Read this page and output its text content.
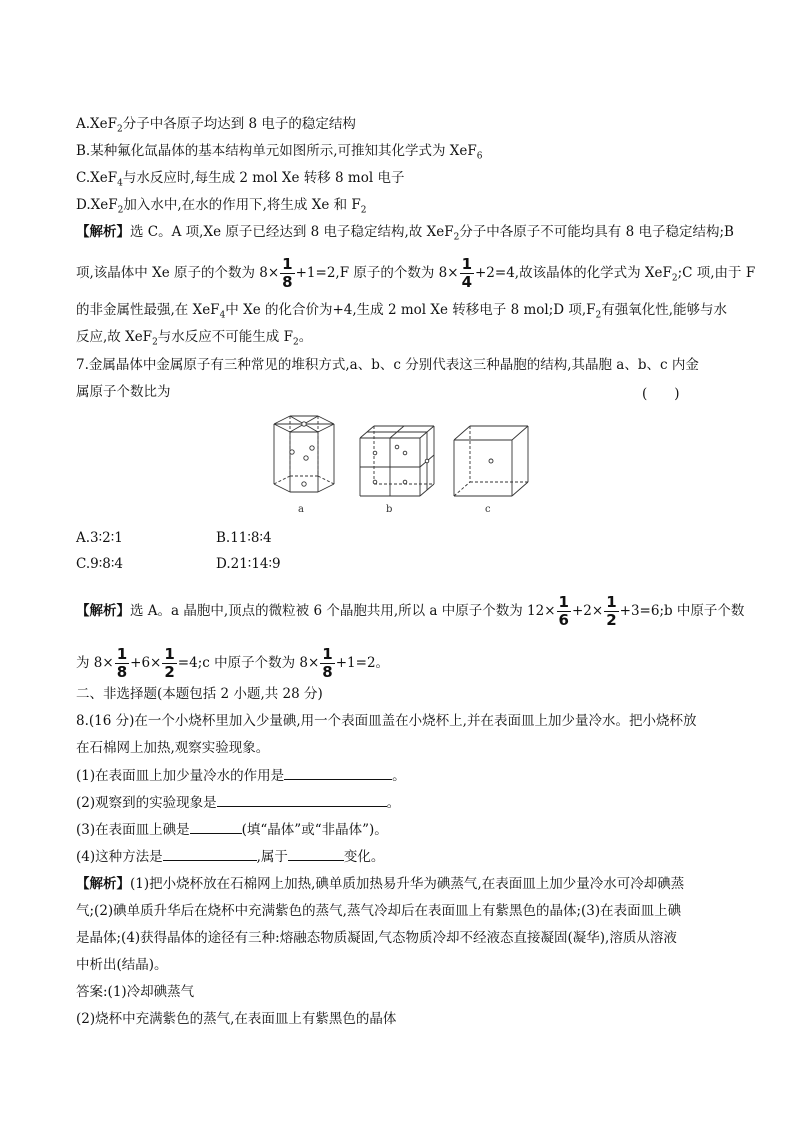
A.XeF$_2$分子中各原子均达到 8 电子的稳定结构
B.某种氟化氙晶体的基本结构单元如图所示,可推知其化学式为 XeF$_6$
C.XeF$_4$与水反应时,每生成 2 mol Xe 转移 8 mol 电子
D.XeF$_2$加入水中,在水的作用下,将生成 Xe 和 $F_2$
【解析】选 C。A 项,Xe 原子已经达到 8 电子稳定结构,故 XeF$_2$分子中各原子不可能均具有 8 电子稳定结构;B
项,该晶体中 Xe 原子的个数为 $8\times \frac{1}{8} +1=2,F$ 原子的个数为 $8\times \frac{1}{4} +2=4$,故该晶体的化学式为 XeF$_2$;C 项,由于 F
的非金属性最强,在 XeF$_4$中 Xe 的化合价为+4,生成 2 mol Xe 转移电子 8 mol;D 项$,F_2$有强氧化性,能够与水
反应,故 XeF$_2$与水反应不可能生成 $F_2$。
7.金属晶体中金属原子有三种常见的堆积方式,a、b、c 分别代表这三种晶胞的结构,其晶胞 a、b、c 内金
属原子个数比为	(　　)
a	b	c
A.3∶2∶1	B.11∶8∶4
C.9∶8∶4	D.21∶14∶9
【解析】选 A。a 晶胞中,顶点的微粒被 6 个晶胞共用,所以 a 中原子个数为 $12\times \frac{1}{6} +2\times \frac{1}{2}$ +3=6;b 中原子个数
为 $8\times \frac{1}{8} +6\times \frac{1}{2}$ =4;c 中原子个数为 $8\times \frac{1}{8} +1=2$。
二、非选择题(本题包括 2 小题,共 28 分)
8.(16 分)在一个小烧杯里加入少量碘,用一个表面皿盖在小烧杯上,并在表面皿上加少量冷水。把小烧杯放
在石棉网上加热,观察实验现象。
(1)在表面皿上加少量冷水的作用是	。
(2)观察到的实验现象是	。
(3)在表面皿上碘是	(填“晶体”或“非晶体”)。
(4)这种方法是	,属于	变化。
【解析】(1)把小烧杯放在石棉网上加热,碘单质加热易升华为碘蒸气,在表面皿上加少量冷水可冷却碘蒸
气;(2)碘单质升华后在烧杯中充满紫色的蒸气,蒸气冷却后在表面皿上有紫黑色的晶体;(3)在表面皿上碘
是晶体;(4)获得晶体的途径有三种:熔融态物质凝固,气态物质冷却不经液态直接凝固(凝华),溶质从溶液
中析出(结晶)。
答案:(1)冷却碘蒸气
(2)烧杯中充满紫色的蒸气,在表面皿上有紫黑色的晶体
